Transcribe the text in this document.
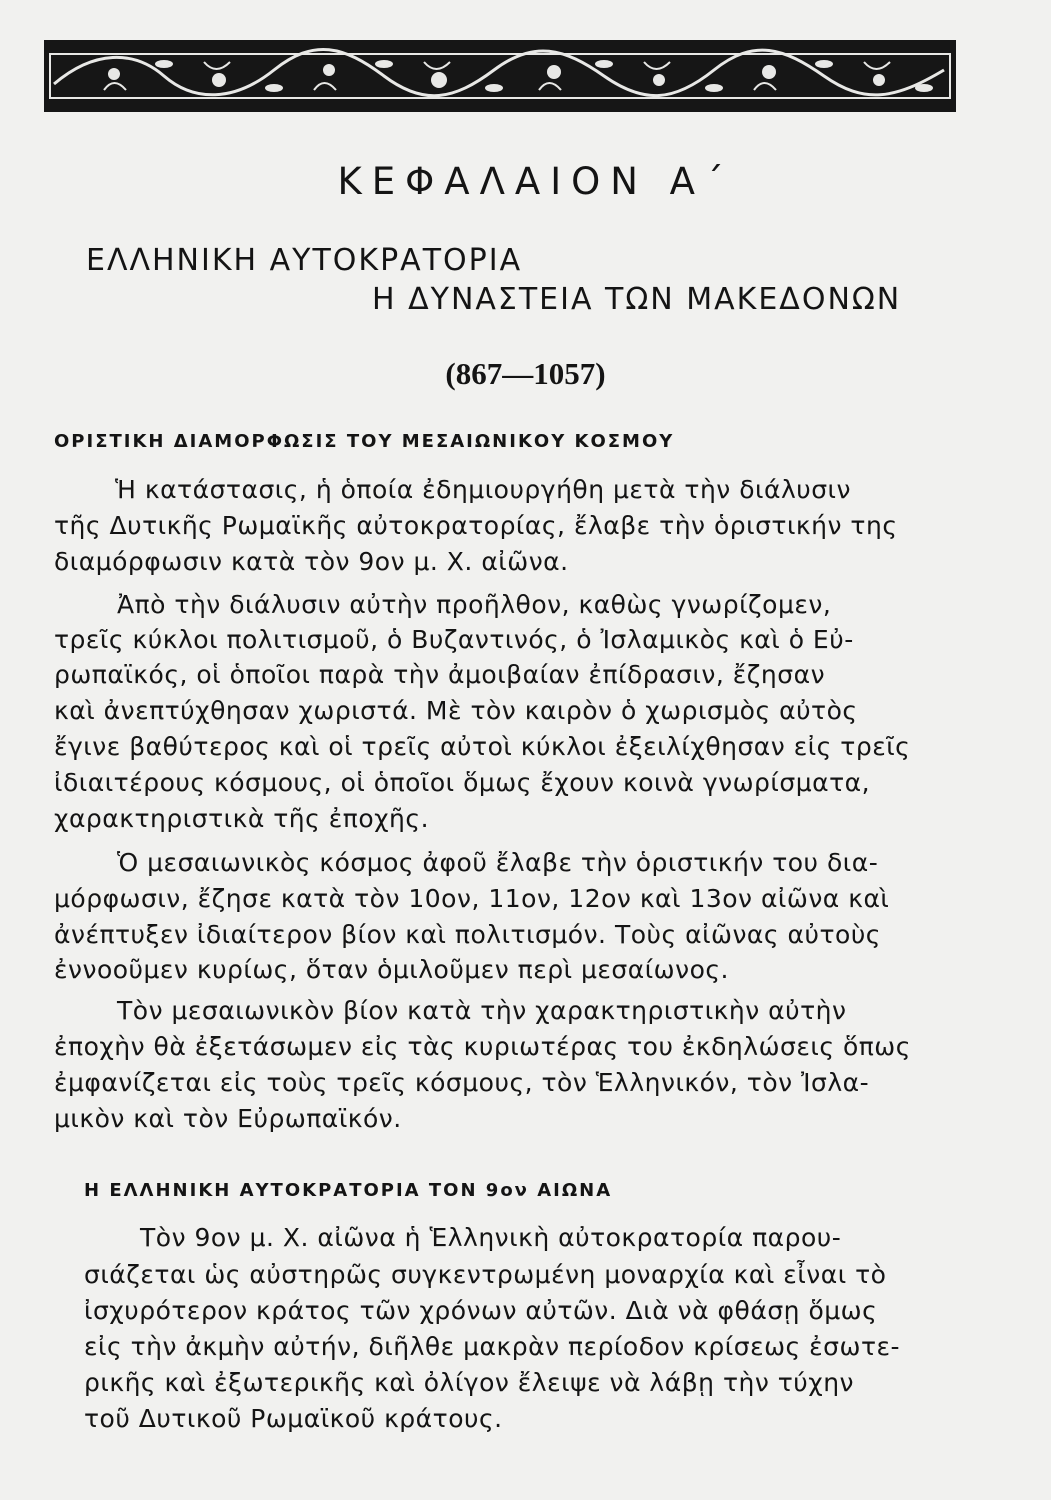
ΚΕΦΑΛΑΙΟΝ Α΄
ΕΛΛΗΝΙΚΗ ΑΥΤΟΚΡΑΤΟΡΙΑ
Η ΔΥΝΑΣΤΕΙΑ ΤΩΝ ΜΑΚΕΔΟΝΩΝ
(867—1057)
ΟΡΙΣΤΙΚΗ ΔΙΑΜΟΡΦΩΣΙΣ ΤΟΥ ΜΕΣΑΙΩΝΙΚΟΥ ΚΟΣΜΟΥ

Ἡ κατάστασις, ἡ ὁποία ἐδημιουργήθη μετὰ τὴν διάλυσιν

τῆς Δυτικῆς Ρωμαϊκῆς αὐτοκρατορίας, ἔλαβε τὴν ὁριστικήν της

διαμόρφωσιν κατὰ τὸν 9ον μ. Χ. αἰῶνα.

Ἀπὸ τὴν διάλυσιν αὐτὴν προῆλθον, καθὼς γνωρίζομεν,

τρεῖς κύκλοι πολιτισμοῦ, ὁ Βυζαντινός, ὁ Ἰσλαμικὸς καὶ ὁ Εὐ-

ρωπαϊκός, οἱ ὁποῖοι παρὰ τὴν ἀμοιβαίαν ἐπίδρασιν, ἔζησαν

καὶ ἀνεπτύχθησαν χωριστά. Μὲ τὸν καιρὸν ὁ χωρισμὸς αὐτὸς

ἔγινε βαθύτερος καὶ οἱ τρεῖς αὐτοὶ κύκλοι ἐξειλίχθησαν εἰς τρεῖς

ἰδιαιτέρους κόσμους, οἱ ὁποῖοι ὅμως ἔχουν κοινὰ γνωρίσματα,

χαρακτηριστικὰ τῆς ἐποχῆς.

Ὁ μεσαιωνικὸς κόσμος ἀφοῦ ἔλαβε τὴν ὁριστικήν του δια-

μόρφωσιν, ἔζησε κατὰ τὸν 10ον, 11ον, 12ον καὶ 13ον αἰῶνα καὶ

ἀνέπτυξεν ἰδιαίτερον βίον καὶ πολιτισμόν. Τοὺς αἰῶνας αὐτοὺς

ἐννοοῦμεν κυρίως, ὅταν ὁμιλοῦμεν περὶ μεσαίωνος.

Τὸν μεσαιωνικὸν βίον κατὰ τὴν χαρακτηριστικὴν αὐτὴν

ἐποχὴν θὰ ἐξετάσωμεν εἰς τὰς κυριωτέρας του ἐκδηλώσεις ὅπως

ἐμφανίζεται εἰς τοὺς τρεῖς κόσμους, τὸν Ἑλληνικόν, τὸν Ἰσλα-

μικὸν καὶ τὸν Εὐρωπαϊκόν.

Η ΕΛΛΗΝΙΚΗ ΑΥΤΟΚΡΑΤΟΡΙΑ ΤΟΝ 9ον ΑΙΩΝΑ

Τὸν 9ον μ. Χ. αἰῶνα ἡ Ἑλληνικὴ αὐτοκρατορία παρου-

σιάζεται ὡς αὐστηρῶς συγκεντρωμένη μοναρχία καὶ εἶναι τὸ

ἰσχυρότερον κράτος τῶν χρόνων αὐτῶν. Διὰ νὰ φθάσῃ ὅμως

εἰς τὴν ἀκμὴν αὐτήν, διῆλθε μακρὰν περίοδον κρίσεως ἐσωτε-

ρικῆς καὶ ἐξωτερικῆς καὶ ὀλίγον ἔλειψε νὰ λάβῃ τὴν τύχην

τοῦ Δυτικοῦ Ρωμαϊκοῦ κράτους.
